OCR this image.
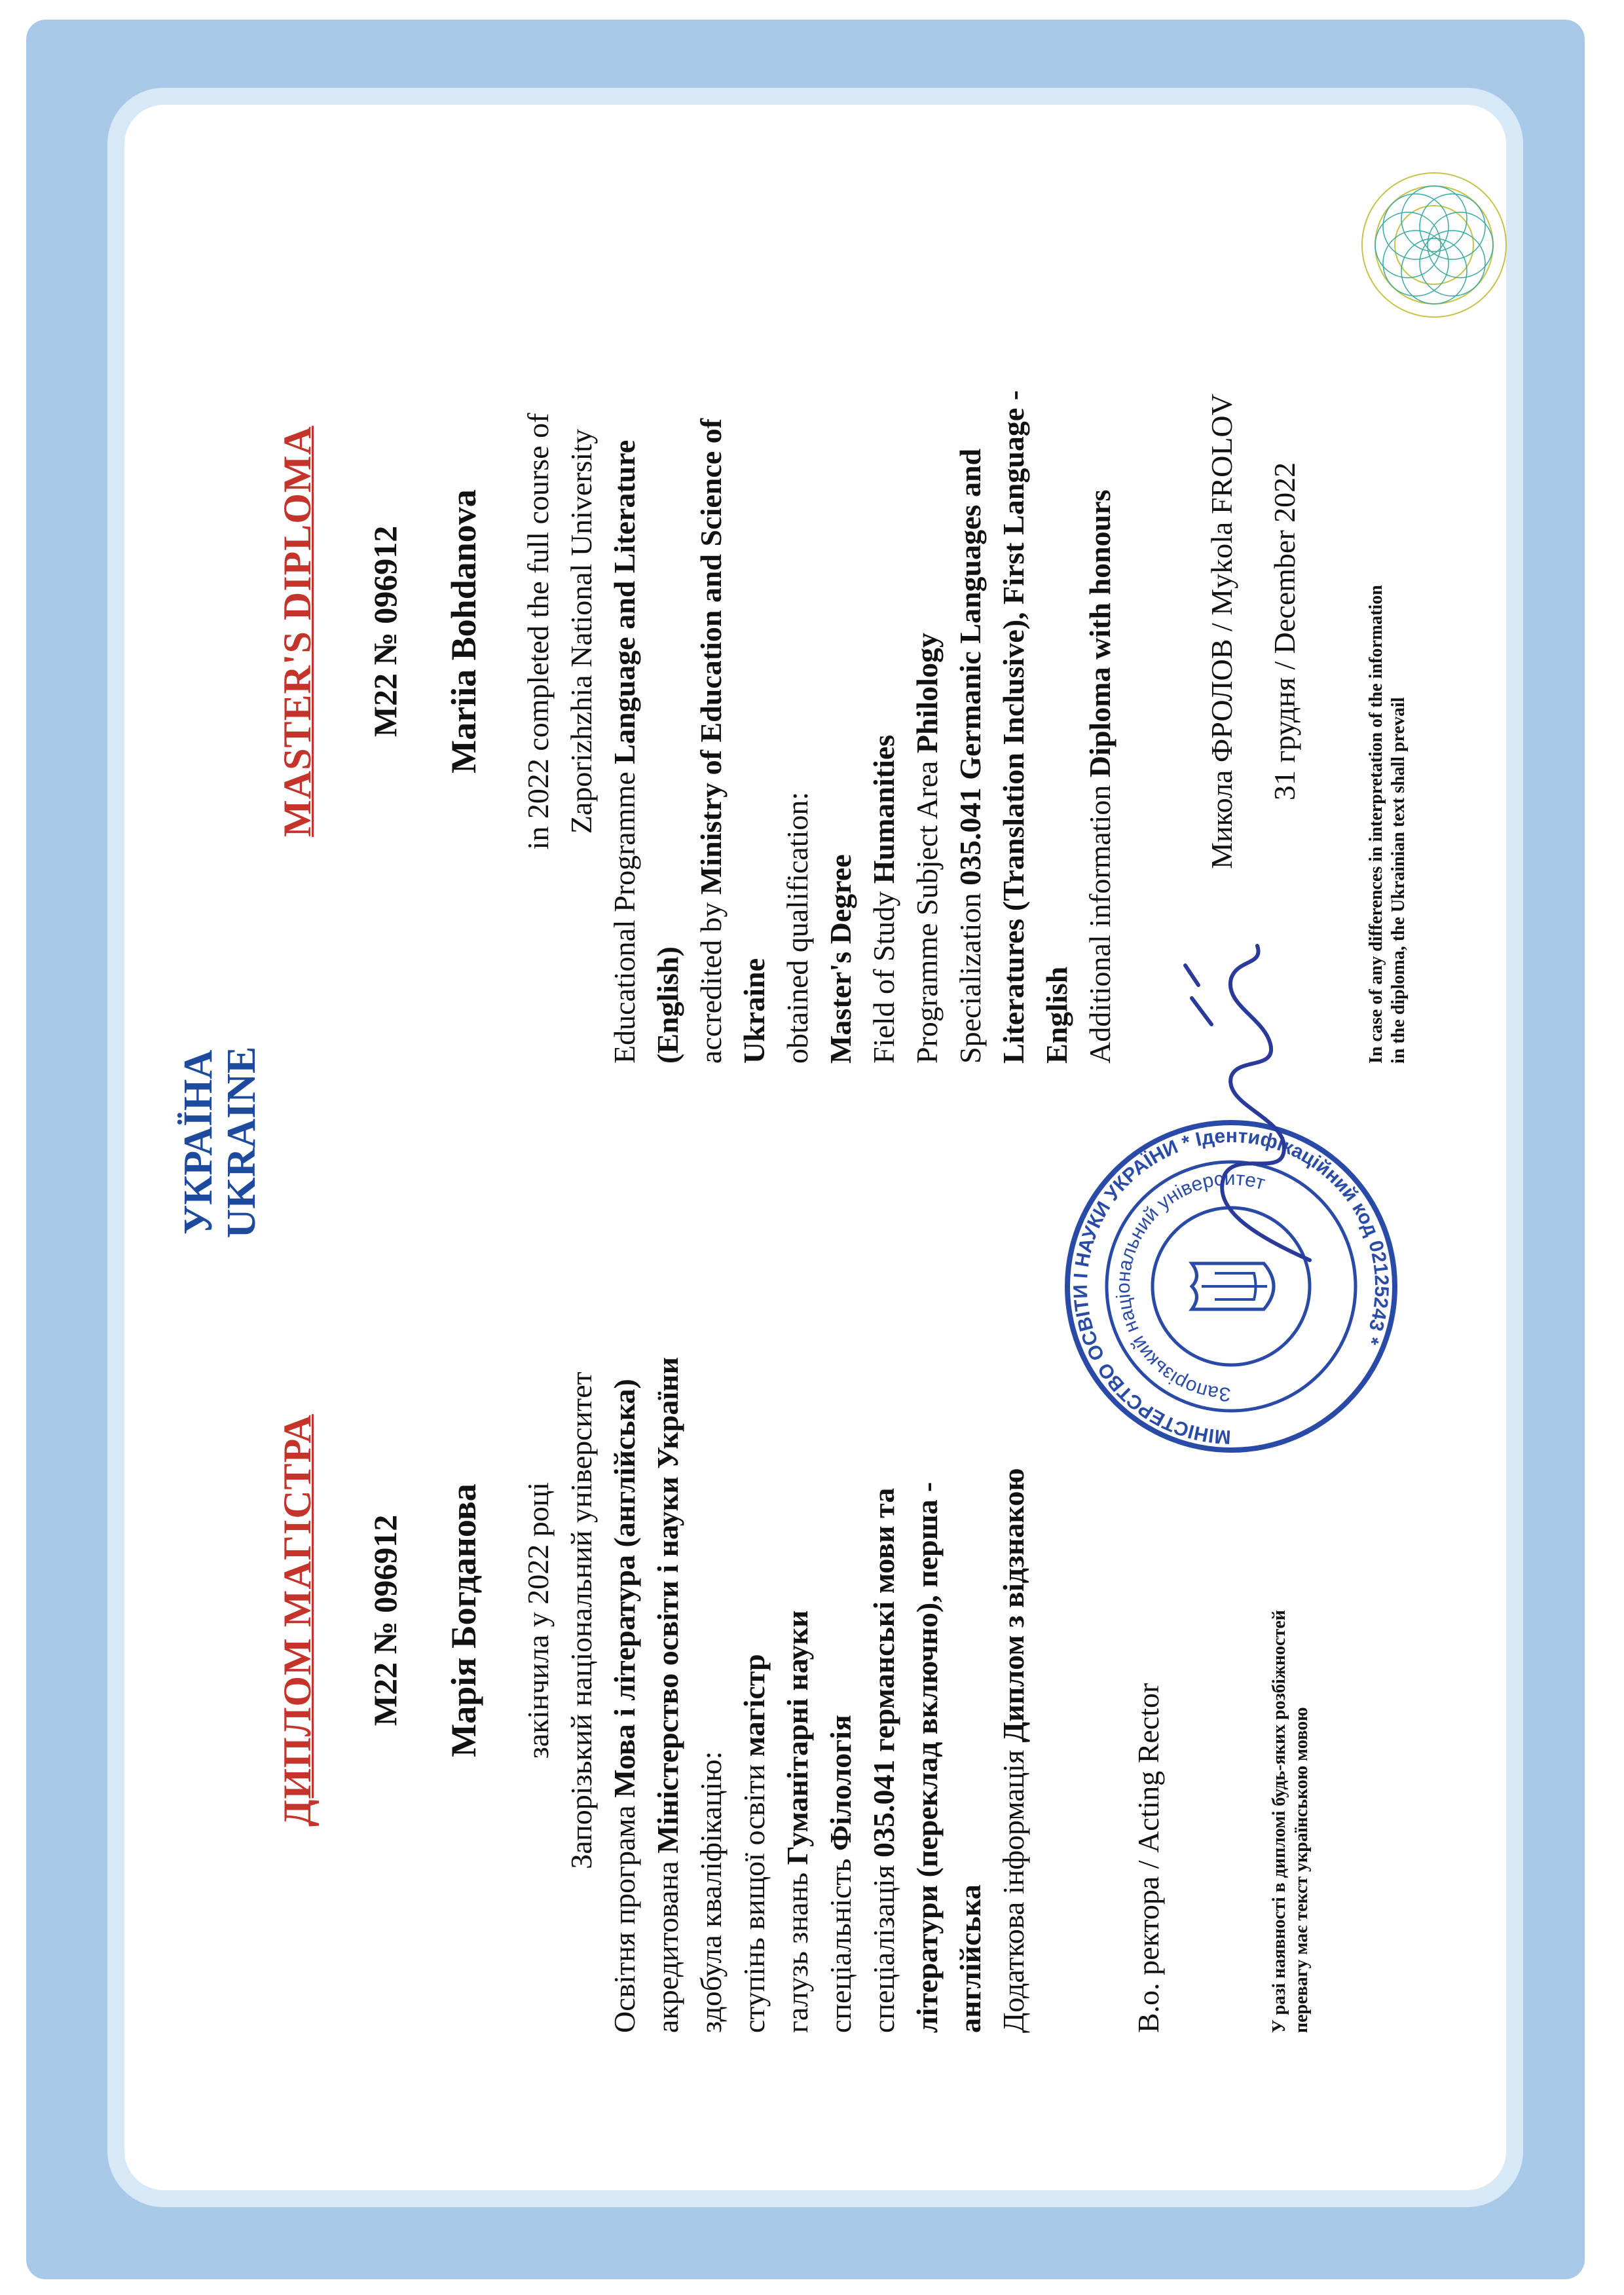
УКРАЇНА
UKRAINE
ДИПЛОМ МАГІСТРА M22 № 096912 Марія Богданова закінчила у 2022 році Запорізький національний університет
Освітня програма Мова і література (англійська)
акредитована Міністерство освіти і науки України
здобула кваліфікацію: ступінь вищої освіти магістр
галузь знань Гуманітарні науки
спеціальність Філологія
спеціалізація 035.041 германські мови та літератури (переклад включно), перша - англійська Додаткова інформація Диплом з відзнакою
В.о. ректора / Acting Rector	У разі наявності в дипломі будь-яких розбіжностей перевагу має текст українською мовою
MASTER'S DIPLOMA M22 № 096912 Mariia Bohdanova in 2022 completed the full course of Zaporizhzhia National University
Educational Programme Language and Literature
(English) accredited by Ministry of Education and Science of
Ukraine obtained qualification: Master's Degree Field of Study Humanities Programme Subject Area Philology
Specialization 035.041 Germanic Languages and Literatures (Translation Inclusive), First Language - English Additional information Diploma with honours	Микола ФРОЛОВ / Mykola FROLOV 31 грудня / December 2022	In case of any differences in interpretation of the information in the diploma, the Ukrainian text shall prevail
МІНІСТЕРСТВО ОСВІТИ І НАУКИ УКРАЇНИ * Ідентифікаційний код 02125243 *
Запорізький національний університет
